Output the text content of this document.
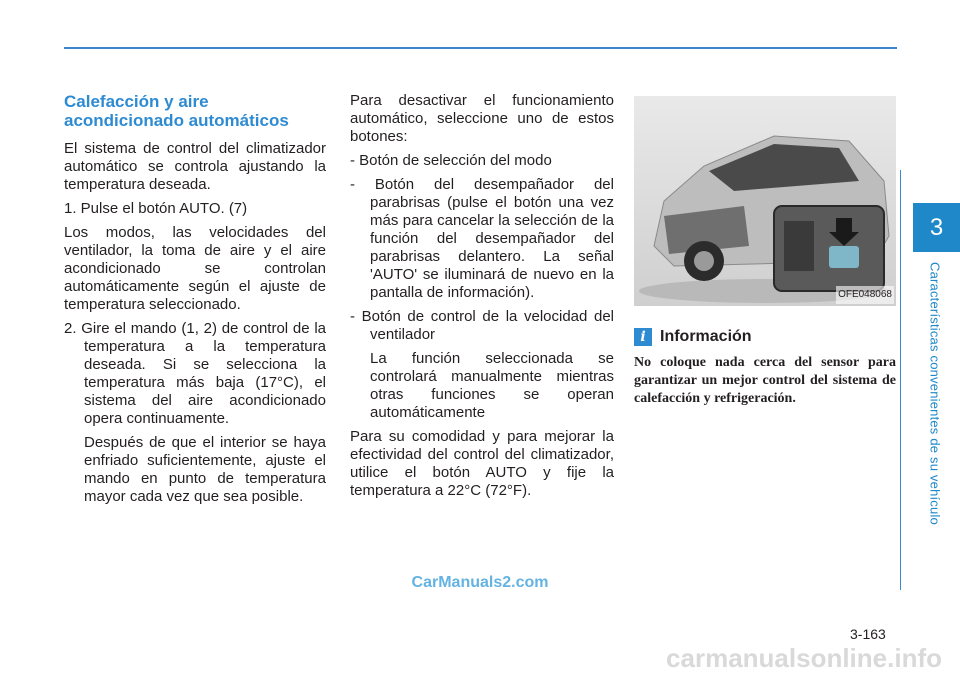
3
Características convenientes de su vehículo
Calefacción y aire acondicionado automáticos

El sistema de control del climatizador automático se controla ajustando la temperatura deseada.

1. Pulse el botón AUTO. (7)

Los modos, las velocidades del ventilador, la toma de aire y el aire acondicionado se controlan automáticamente según el ajuste de temperatura seleccionado.

2. Gire el mando (1, 2) de control de la temperatura a la temperatura deseada. Si se selecciona la temperatura más baja (17°C), el sistema del aire acondicionado opera continuamente.

Después de que el interior se haya enfriado suficientemente, ajuste el mando en punto de temperatura mayor cada vez que sea posible.

Para desactivar el funcionamiento automático, seleccione uno de estos botones:

- Botón de selección del modo

- Botón del desempañador del parabrisas (pulse el botón una vez más para cancelar la selección de la función del desempañador del parabrisas delantero. La señal 'AUTO' se iluminará de nuevo en la pantalla de información).

- Botón de control de la velocidad del ventilador

La función seleccionada se controlará manualmente mientras otras funciones se operan automáticamente

Para su comodidad y para mejorar la efectividad del control del climatizador, utilice el botón AUTO y fije la temperatura a 22°C (72°F).

OFE048068
i Información

No coloque nada cerca del sensor para garantizar un mejor control del sistema de calefacción y refrigeración.

3-163
CarManuals2.com
carmanualsonline.info
